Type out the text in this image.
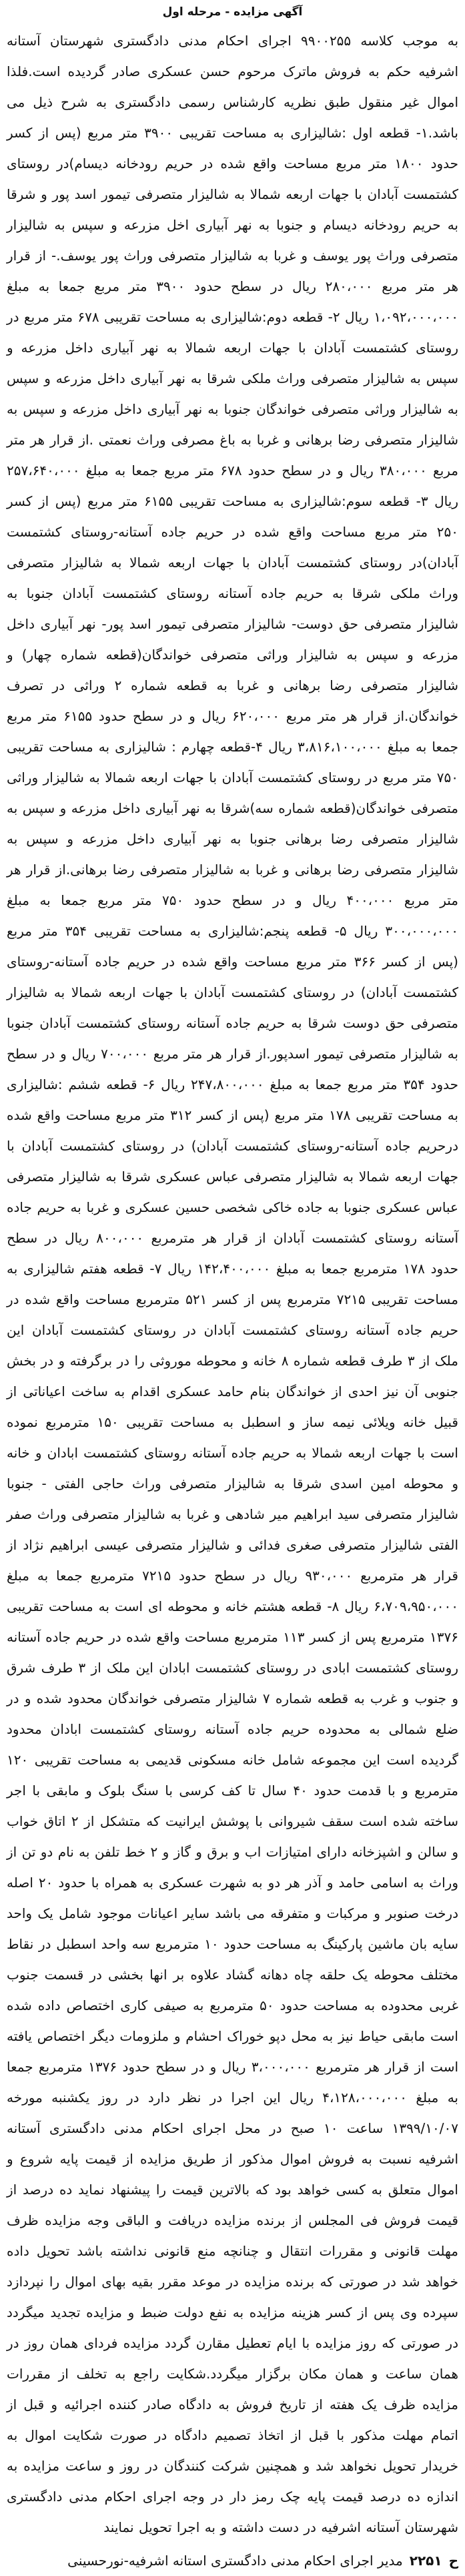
آگهی مزایده - مرحله اول

به موجب کلاسه ۹۹۰۰۲۵۵ اجرای احکام مدنی دادگستری شهرستان آستانه اشرفیه حکم به فروش ماترک مرحوم حسن عسکری صادر گردیده است.فلذا اموال غیر منقول طبق نظریه کارشناس رسمی دادگستری به شرح ذیل می باشد.۱- قطعه اول :شالیزاری به مساحت تقریبی ۳۹۰۰ متر مربع (پس از کسر حدود ۱۸۰۰ متر مربع مساحت واقع شده در حریم رودخانه دیسام)در روستای کشتمست آبادان با جهات اربعه شمالا به شالیزار متصرفی تیمور اسد پور و شرقا به حریم رودخانه دیسام و جنوبا به نهر آبیاری اخل مزرعه و سپس به شالیزار متصرفی وراث پور یوسف و غربا به شالیزار متصرفی وراث پور یوسف.- از قرار هر متر مربع ۲۸۰،۰۰۰ ریال در سطح حدود ۳۹۰۰ متر مربع جمعا به مبلغ ۱،۰۹۲،۰۰۰،۰۰۰ ریال ۲- قطعه دوم:شالیزاری به مساحت تقریبی ۶۷۸ متر مربع در روستای کشتمست آبادان با جهات اربعه شمالا به نهر آبیاری داخل مزرعه و سپس به شالیزار متصرفی وراث ملکی شرقا به نهر آبیاری داخل مزرعه و سپس به شالیزار وراثی متصرفی خواندگان جنوبا به نهر آبیاری داخل مزرعه و سپس به شالیزار متصرفی رضا برهانی و غربا به باغ مصرفی وراث نعمتی .از قرار هر متر مربع ۳۸۰،۰۰۰ ریال و در سطح حدود ۶۷۸ متر مربع جمعا به مبلغ ۲۵۷،۶۴۰،۰۰۰ ریال ۳- قطعه سوم:شالیزاری به مساحت تقریبی ۶۱۵۵ متر مربع (پس از کسر ۲۵۰ متر مربع مساحت واقع شده در حریم جاده آستانه-روستای کشتمست آبادان)در روستای کشتمست آبادان با جهات اربعه شمالا به شالیزار متصرفی وراث ملکی شرقا به حریم جاده آستانه روستای کشتمست آبادان جنوبا به شالیزار متصرفی حق دوست- شالیزار متصرفی تیمور اسد پور- نهر آبیاری داخل مزرعه و سپس به شالیزار وراثی متصرفی خواندگان(قطعه شماره چهار) و شالیزار متصرفی رضا برهانی و غربا به قطعه شماره ۲ وراثی در تصرف خواندگان.از قرار هر متر مربع ۶۲۰،۰۰۰ ریال و در سطح حدود ۶۱۵۵ متر مربع جمعا به مبلغ ۳،۸۱۶،۱۰۰،۰۰۰ ریال ۴-قطعه چهارم : شالیزاری به مساحت تقریبی ۷۵۰ متر مربع در روستای کشتمست آبادان با جهات اربعه شمالا به شالیزار وراثی متصرفی خواندگان(قطعه شماره سه)شرقا به نهر آبیاری داخل مزرعه و سپس به شالیزار متصرفی رضا برهانی جنوبا به نهر آبیاری داخل مزرعه و سپس به شالیزار متصرفی رضا برهانی و غربا به شالیزار متصرفی رضا برهانی.از قرار هر متر مربع ۴۰۰،۰۰۰ ریال و در سطح حدود ۷۵۰ متر مربع جمعا به مبلغ ۳۰۰،۰۰۰،۰۰۰ ریال ۵- قطعه پنجم:شالیزاری به مساحت تقریبی ۳۵۴ متر مربع (پس از کسر ۳۶۶ متر مربع مساحت واقع شده در حریم جاده آستانه-روستای کشتمست آبادان) در روستای کشتمست آبادان با جهات اربعه شمالا به شالیزار متصرفی حق دوست شرقا به حریم جاده آستانه روستای کشتمست آبادان جنوبا به شالیزار متصرفی تیمور اسدپور.از قرار هر متر مربع ۷۰۰،۰۰۰ ریال و در سطح حدود ۳۵۴ متر مربع جمعا به مبلغ ۲۴۷،۸۰۰،۰۰۰ ریال ۶- قطعه ششم :شالیزاری به مساحت تقریبی ۱۷۸ متر مربع (پس از کسر ۳۱۲ متر مربع مساحت واقع شده درحریم جاده آستانه-روستای کشتمست آبادان) در روستای کشتمست آبادان با جهات اربعه شمالا به شالیزار متصرفی عباس عسکری شرقا به شالیزار متصرفی عباس عسکری جنوبا به جاده خاکی شخصی حسین عسکری و غربا به حریم جاده آستانه روستای کشتمست آبادان از قرار هر مترمربع ۸۰۰،۰۰۰ ریال در سطح حدود ۱۷۸ مترمربع جمعا به مبلغ ۱۴۲،۴۰۰،۰۰۰ ریال ۷- قطعه هفتم شالیزاری به مساحت تقریبی ۷۲۱۵ مترمربع پس از کسر ۵۲۱ مترمربع مساحت واقع شده در حریم جاده آستانه روستای کشتمست آبادان در روستای کشتمست آبادان این ملک از ۳ طرف قطعه شماره ۸ خانه و محوطه موروثی را در برگرفته و در بخش جنوبی آن نیز احدی از خواندگان بنام حامد عسکری اقدام به ساخت اعیاناتی از قبیل خانه ویلائی نیمه ساز و اسطبل به مساحت تقریبی ۱۵۰ مترمربع نموده است با جهات اربعه شمالا به حریم جاده آستانه روستای کشتمست ابادان و خانه و محوطه امین اسدی شرقا به شالیزار متصرفی وراث حاجی الفتی - جنوبا شالیزار متصرفی سید ابراهیم میر شادهی و غربا به شالیزار متصرفی وراث صفر الفتی شالیزار متصرفی صغری فدائی و شالیزار متصرفی عیسی ابراهیم نژاد از قرار هر مترمربع ۹۳۰،۰۰۰ ریال در سطح حدود ۷۲۱۵ مترمربع جمعا به مبلغ ۶،۷۰۹،۹۵۰،۰۰۰ ریال ۸- قطعه هشتم خانه و محوطه ای است به مساحت تقریبی ۱۳۷۶ مترمربع پس از کسر ۱۱۳ مترمربع مساحت واقع شده در حریم جاده آستانه روستای کشتمست ابادی در روستای کشتمست ابادان این ملک از ۳ طرف شرق و جنوب و غرب به قطعه شماره ۷ شالیزار متصرفی خواندگان محدود شده و در ضلع شمالی به محدوده حریم جاده آستانه روستای کشتمست ابادان محدود گردیده است این مجموعه شامل خانه مسکونی قدیمی به مساحت تقریبی ۱۲۰ مترمربع و با قدمت حدود ۴۰ سال تا کف کرسی با سنگ بلوک و مابقی با اجر ساخته شده است سقف شیروانی با پوشش ایرانیت که متشکل از ۲ اتاق خواب و سالن و اشپزخانه دارای امتیازات اب و برق و گاز و ۲ خط تلفن به نام دو تن از وراث به اسامی حامد و آذر هر دو به شهرت عسکری به همراه با حدود ۲۰ اصله درخت صنوبر و مرکبات و متفرقه می باشد سایر اعیانات موجود شامل یک واحد سایه بان ماشین پارکینگ به مساحت حدود ۱۰ مترمربع سه واحد اسطبل در نقاط مختلف محوطه یک حلقه چاه دهانه گشاد علاوه بر انها بخشی در قسمت جنوب غربی محدوده به مساحت حدود ۵۰ مترمربع به صیفی کاری اختصاص داده شده است مابقی حیاط نیز به محل دپو خوراک احشام و ملزومات دیگر اختصاص یافته است از قرار هر مترمربع ۳،۰۰۰،۰۰۰ ریال و در سطح حدود ۱۳۷۶ مترمربع جمعا به مبلغ ۴،۱۲۸،۰۰۰،۰۰۰ ریال این اجرا در نظر دارد در روز یکشنبه مورخه ۱۳۹۹/۱۰/۰۷ ساعت ۱۰ صبح در محل اجرای احکام مدنی دادگستری آستانه اشرفیه نسبت به فروش اموال مذکور از طریق مزایده از قیمت پایه شروع و اموال متعلق به کسی خواهد بود که بالاترین قیمت را پیشنهاد نماید ده درصد از قیمت فروش فی المجلس از برنده مزایده دریافت و الباقی وجه مزایده ظرف مهلت قانونی و مقررات انتقال و چنانچه منع قانونی نداشته باشد تحویل داده خواهد شد در صورتی که برنده مزایده در موعد مقرر بقیه بهای اموال را نپردازد سپرده وی پس از کسر هزینه مزایده به نفع دولت ضبط و مزایده تجدید میگردد در صورتی که روز مزایده با ایام تعطیل مقارن گردد مزایده فردای همان روز در همان ساعت و همان مکان برگزار میگردد.شکایت راجع به تخلف از مقررات مزایده ظرف یک هفته از تاریخ فروش به دادگاه صادر کننده اجرائیه و قبل از اتمام مهلت مذکور با قبل از اتخاذ تصمیم دادگاه در صورت شکایت اموال به خریدار تحویل نخواهد شد و همچنین شرکت کنندگان در روز و ساعت مزایده به اندازه ده درصد قیمت پایه چک رمز دار در وجه اجرای احکام مدنی دادگستری شهرستان آستانه اشرفیه در دست داشته و به اجرا تحویل نمایند

ح
۲۲۵۱
مدیر اجرای احکام مدنی دادگستری استانه اشرفیه-نورحسینی
